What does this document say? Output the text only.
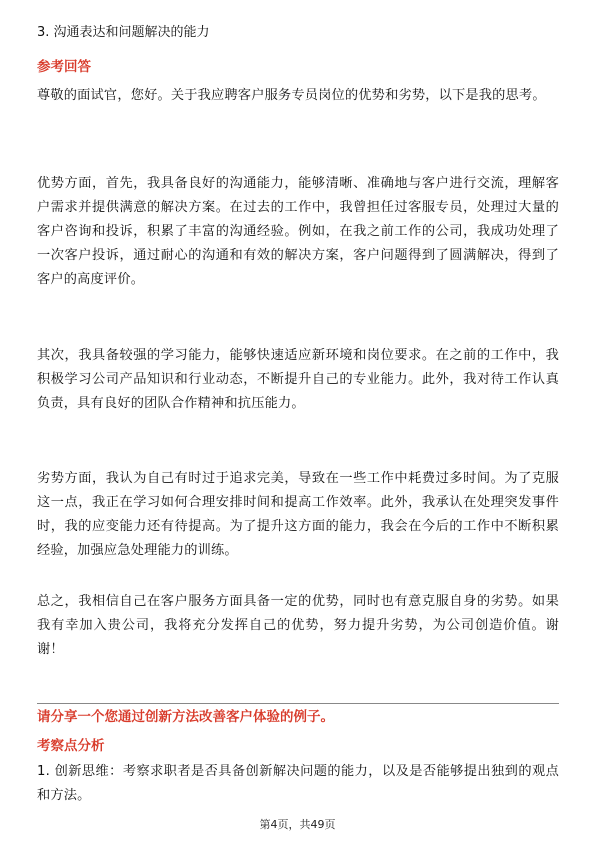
3. 沟通表达和问题解决的能力
参考回答
尊敬的面试官，您好。关于我应聘客户服务专员岗位的优势和劣势，以下是我的思考。
优势方面，首先，我具备良好的沟通能力，能够清晰、准确地与客户进行交流，理解客户需求并提供满意的解决方案。在过去的工作中，我曾担任过客服专员，处理过大量的客户咨询和投诉，积累了丰富的沟通经验。例如，在我之前工作的公司，我成功处理了一次客户投诉，通过耐心的沟通和有效的解决方案，客户问题得到了圆满解决，得到了客户的高度评价。
其次，我具备较强的学习能力，能够快速适应新环境和岗位要求。在之前的工作中，我积极学习公司产品知识和行业动态，不断提升自己的专业能力。此外，我对待工作认真负责，具有良好的团队合作精神和抗压能力。
劣势方面，我认为自己有时过于追求完美，导致在一些工作中耗费过多时间。为了克服这一点，我正在学习如何合理安排时间和提高工作效率。此外，我承认在处理突发事件时，我的应变能力还有待提高。为了提升这方面的能力，我会在今后的工作中不断积累经验，加强应急处理能力的训练。
总之，我相信自己在客户服务方面具备一定的优势，同时也有意克服自身的劣势。如果我有幸加入贵公司，我将充分发挥自己的优势，努力提升劣势，为公司创造价值。谢谢！
请分享一个您通过创新方法改善客户体验的例子。
考察点分析
1. 创新思维：考察求职者是否具备创新解决问题的能力，以及是否能够提出独到的观点和方法。
第4页，共49页
